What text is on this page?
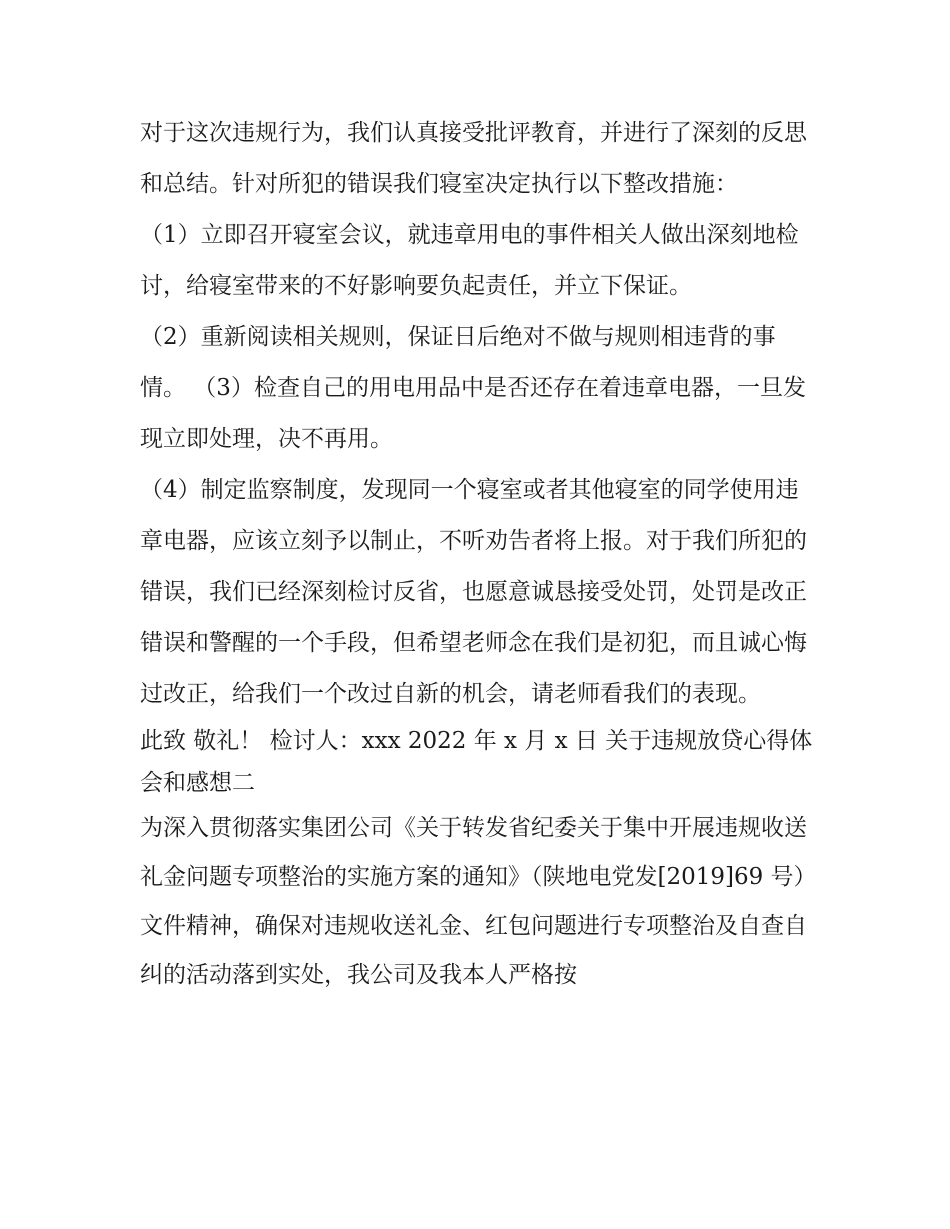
对于这次违规行为，我们认真接受批评教育，并进行了深刻的反思和总结。针对所犯的错误我们寝室决定执行以下整改措施：

（1）立即召开寝室会议，就违章用电的事件相关人做出深刻地检讨，给寝室带来的不好影响要负起责任，并立下保证。

（2）重新阅读相关规则，保证日后绝对不做与规则相违背的事情。 （3）检查自己的用电用品中是否还存在着违章电器，一旦发现立即处理，决不再用。

（4）制定监察制度，发现同一个寝室或者其他寝室的同学使用违章电器，应该立刻予以制止，不听劝告者将上报。对于我们所犯的错误，我们已经深刻检讨反省，也愿意诚恳接受处罚，处罚是改正错误和警醒的一个手段，但希望老师念在我们是初犯，而且诚心悔过改正，给我们一个改过自新的机会，请老师看我们的表现。

此致 敬礼！ 检讨人：xxx 2022 年 x 月 x 日 关于违规放贷心得体会和感想二

为深入贯彻落实集团公司《关于转发省纪委关于集中开展违规收送礼金问题专项整治的实施方案的通知》（陕地电党发[2019]69 号）文件精神，确保对违规收送礼金、红包问题进行专项整治及自查自纠的活动落到实处，我公司及我本人严格按
